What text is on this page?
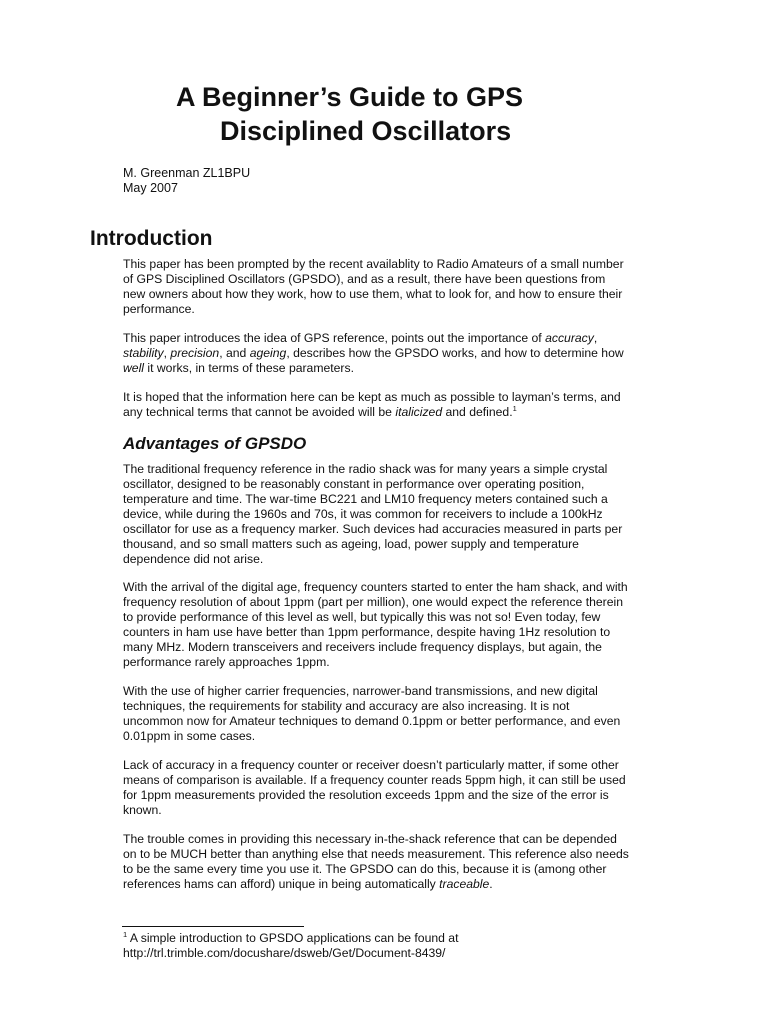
A Beginner’s Guide to GPS
Disciplined Oscillators
M. Greenman ZL1BPU
May 2007
Introduction

This paper has been prompted by the recent availablity to Radio Amateurs of a small number
of GPS Disciplined Oscillators (GPSDO), and as a result, there have been questions from
new owners about how they work, how to use them, what to look for, and how to ensure their
performance.

This paper introduces the idea of GPS reference, points out the importance of accuracy,
stability, precision, and ageing, describes how the GPSDO works, and how to determine how
well it works, in terms of these parameters.

It is hoped that the information here can be kept as much as possible to layman’s terms, and
any technical terms that cannot be avoided will be italicized and defined.$^1$

Advantages of GPSDO

The traditional frequency reference in the radio shack was for many years a simple crystal
oscillator, designed to be reasonably constant in performance over operating position,
temperature and time. The war-time BC221 and LM10 frequency meters contained such a
device, while during the 1960s and 70s, it was common for receivers to include a 100kHz
oscillator for use as a frequency marker. Such devices had accuracies measured in parts per
thousand, and so small matters such as ageing, load, power supply and temperature
dependence did not arise.

With the arrival of the digital age, frequency counters started to enter the ham shack, and with
frequency resolution of about 1ppm (part per million), one would expect the reference therein
to provide performance of this level as well, but typically this was not so! Even today, few
counters in ham use have better than 1ppm performance, despite having 1Hz resolution to
many MHz. Modern transceivers and receivers include frequency displays, but again, the
performance rarely approaches 1ppm.

With the use of higher carrier frequencies, narrower-band transmissions, and new digital
techniques, the requirements for stability and accuracy are also increasing. It is not
uncommon now for Amateur techniques to demand 0.1ppm or better performance, and even
0.01ppm in some cases.

Lack of accuracy in a frequency counter or receiver doesn’t particularly matter, if some other
means of comparison is available. If a frequency counter reads 5ppm high, it can still be used
for 1ppm measurements provided the resolution exceeds 1ppm and the size of the error is
known.

The trouble comes in providing this necessary in-the-shack reference that can be depended
on to be MUCH better than anything else that needs measurement. This reference also needs
to be the same every time you use it. The GPSDO can do this, because it is (among other
references hams can afford) unique in being automatically traceable.

$^1$ A simple introduction to GPSDO applications can be found at
http://trl.trimble.com/docushare/dsweb/Get/Document-8439/
